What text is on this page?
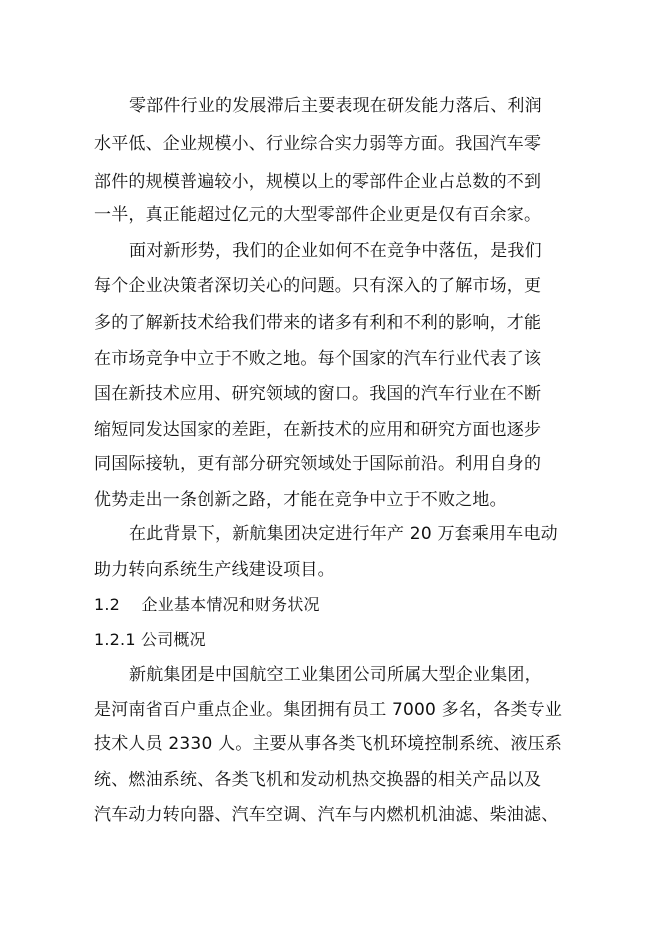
零部件行业的发展滞后主要表现在研发能力落后、利润
水平低、企业规模小、行业综合实力弱等方面。我国汽车零
部件的规模普遍较小，规模以上的零部件企业占总数的不到
一半，真正能超过亿元的大型零部件企业更是仅有百余家。
面对新形势，我们的企业如何不在竞争中落伍，是我们
每个企业决策者深切关心的问题。只有深入的了解市场，更
多的了解新技术给我们带来的诸多有利和不利的影响，才能
在市场竞争中立于不败之地。每个国家的汽车行业代表了该
国在新技术应用、研究领域的窗口。我国的汽车行业在不断
缩短同发达国家的差距，在新技术的应用和研究方面也逐步
同国际接轨，更有部分研究领域处于国际前沿。利用自身的
优势走出一条创新之路，才能在竞争中立于不败之地。
在此背景下，新航集团决定进行年产 20 万套乘用车电动
助力转向系统生产线建设项目。
1.2　 企业基本情况和财务状况
1.2.1 公司概况
新航集团是中国航空工业集团公司所属大型企业集团，
是河南省百户重点企业。集团拥有员工 7000 多名，各类专业
技术人员 2330 人。主要从事各类飞机环境控制系统、液压系
统、燃油系统、各类飞机和发动机热交换器的相关产品以及
汽车动力转向器、汽车空调、汽车与内燃机机油滤、柴油滤、
